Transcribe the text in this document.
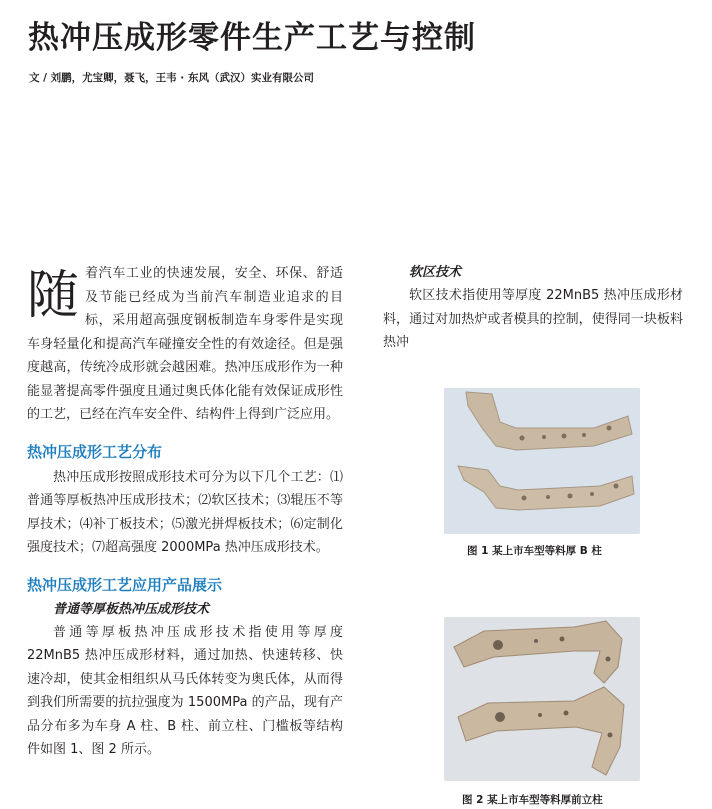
热冲压成形零件生产工艺与控制
文 / 刘鹏，尤宝卿，聂飞，王韦 · 东风（武汉）实业有限公司

随着汽车工业的快速发展，安全、环保、舒适及节能已经成为当前汽车制造业追求的目标，采用超高强度钢板制造车身零件是实现车身轻量化和提高汽车碰撞安全性的有效途径。但是强度越高，传统冷成形就会越困难。热冲压成形作为一种能显著提高零件强度且通过奥氏体化能有效保证成形性的工艺，已经在汽车安全件、结构件上得到广泛应用。

热冲压成形工艺分布

热冲压成形按照成形技术可分为以下几个工艺：⑴普通等厚板热冲压成形技术；⑵软区技术；⑶辊压不等厚技术；⑷补丁板技术；⑸激光拼焊板技术；⑹定制化强度技术；⑺超高强度 2000MPa 热冲压成形技术。

热冲压成形工艺应用产品展示

普通等厚板热冲压成形技术

普通等厚板热冲压成形技术指使用等厚度 22MnB5 热冲压成形材料，通过加热、快速转移、快速冷却，使其金相组织从马氏体转变为奥氏体，从而得到我们所需要的抗拉强度为 1500MPa 的产品，现有产品分布多为车身 A 柱、B 柱、前立柱、门槛板等结构件如图 1、图 2 所示。

软区技术

软区技术指使用等厚度 22MnB5 热冲压成形材料，通过对加热炉或者模具的控制，使得同一块板料热冲

图 1 某上市车型等料厚 B 柱
图 2 某上市车型等料厚前立柱
